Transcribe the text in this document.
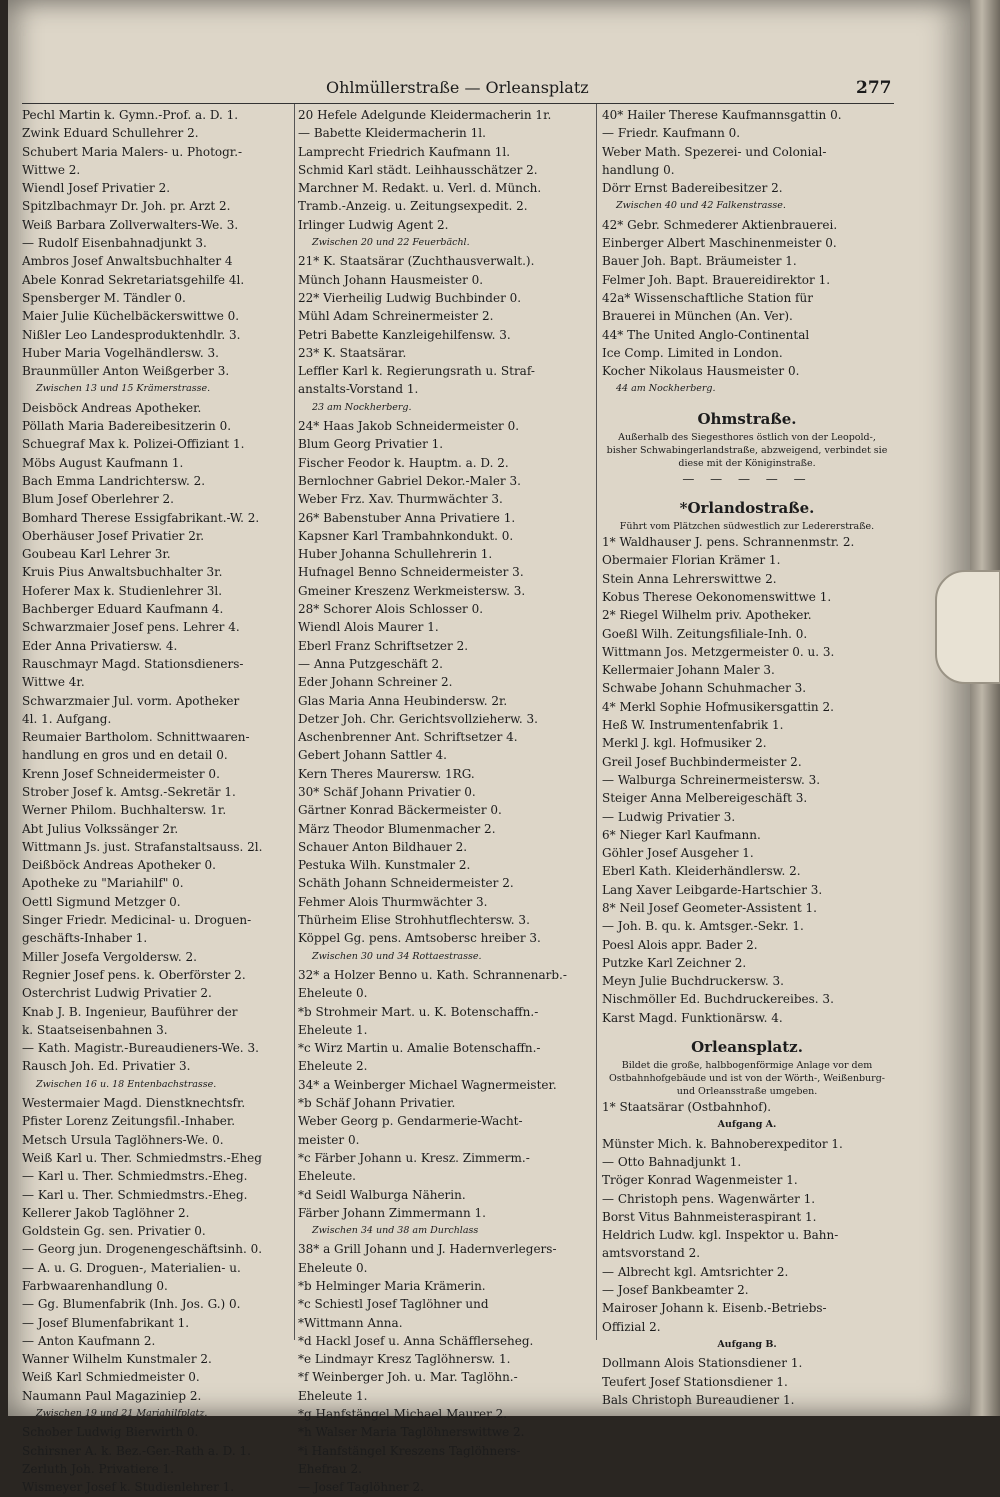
Ohlmüllerstraße — Orleansplatz	277
Pechl Martin k. Gymn.-Prof. a. D. 1.
Zwink Eduard Schullehrer 2.
Schubert Maria Malers- u. Photogr.-
Wittwe 2.
Wiendl Josef Privatier 2.
Spitzlbachmayr Dr. Joh. pr. Arzt 2.
Weiß Barbara Zollverwalters-We. 3.
— Rudolf Eisenbahnadjunkt 3.
Ambros Josef Anwaltsbuchhalter 4
Abele Konrad Sekretariatsgehilfe 4l.
Spensberger M. Tändler 0.
Maier Julie Küchelbäckerswittwe 0.
Nißler Leo Landesproduktenhdlr. 3.
Huber Maria Vogelhändlersw. 3.
Braunmüller Anton Weißgerber 3.
Zwischen 13 und 15 Krämerstrasse.
Deisböck Andreas Apotheker.
Pöllath Maria Badereibesitzerin 0.
Schuegraf Max k. Polizei-Offiziant 1.
Möbs August Kaufmann 1.
Bach Emma Landrichtersw. 2.
Blum Josef Oberlehrer 2.
Bomhard Therese Essigfabrikant.-W. 2.
Oberhäuser Josef Privatier 2r.
Goubeau Karl Lehrer 3r.
Kruis Pius Anwaltsbuchhalter 3r.
Hoferer Max k. Studienlehrer 3l.
Bachberger Eduard Kaufmann 4.
Schwarzmaier Josef pens. Lehrer 4.
Eder Anna Privatiersw. 4.
Rauschmayr Magd. Stationsdieners-
Wittwe 4r.
Schwarzmaier Jul. vorm. Apotheker
4l. 1. Aufgang.
Reumaier Bartholom. Schnittwaaren-
handlung en gros und en detail 0.
Krenn Josef Schneidermeister 0.
Strober Josef k. Amtsg.-Sekretär 1.
Werner Philom. Buchhaltersw. 1r.
Abt Julius Volkssänger 2r.
Wittmann Js. just. Strafanstaltsauss. 2l.
Deißböck Andreas Apotheker 0.
Apotheke zu "Mariahilf" 0.
Oettl Sigmund Metzger 0.
Singer Friedr. Medicinal- u. Droguen-
geschäfts-Inhaber 1.
Miller Josefa Vergoldersw. 2.
Regnier Josef pens. k. Oberförster 2.
Osterchrist Ludwig Privatier 2.
Knab J. B. Ingenieur, Bauführer der
k. Staatseisenbahnen 3.
— Kath. Magistr.-Bureaudieners-We. 3.
Rausch Joh. Ed. Privatier 3.
Zwischen 16 u. 18 Entenbachstrasse.
Westermaier Magd. Dienstknechtsfr.
Pfister Lorenz Zeitungsfil.-Inhaber.
Metsch Ursula Taglöhners-We. 0.
Weiß Karl u. Ther. Schmiedmstrs.-Eheg
— Karl u. Ther. Schmiedmstrs.-Eheg.
— Karl u. Ther. Schmiedmstrs.-Eheg.
Kellerer Jakob Taglöhner 2.
Goldstein Gg. sen. Privatier 0.
— Georg jun. Drogenengeschäftsinh. 0.
— A. u. G. Droguen-, Materialien- u.
Farbwaarenhandlung 0.
— Gg. Blumenfabrik (Inh. Jos. G.) 0.
— Josef Blumenfabrikant 1.
— Anton Kaufmann 2.
Wanner Wilhelm Kunstmaler 2.
Weiß Karl Schmiedmeister 0.
Naumann Paul Magaziniер 2.
Zwischen 19 und 21 Mariahilfplatz.
Schober Ludwig Bierwirth 0.
Schirsner A. k. Bez.-Ger.-Rath a. D. 1.
Zerluth Joh. Privatiere 1.
Wismeyer Josef k. Studienlehrer 1.
20 Hefele Adelgunde Kleidermacherin 1r.
— Babette Kleidermacherin 1l.
Lamprecht Friedrich Kaufmann 1l.
Schmid Karl städt. Leihhausschätzer 2.
Marchner M. Redakt. u. Verl. d. Münch.
Tramb.-Anzeig. u. Zeitungsexpedit. 2.
Irlinger Ludwig Agent 2.
Zwischen 20 und 22 Feuerbächl.
21* K. Staatsärar (Zuchthausverwalt.).
Münch Johann Hausmeister 0.
22* Vierheilig Ludwig Buchbinder 0.
Mühl Adam Schreinermeister 2.
Petri Babette Kanzleigehilfensw. 3.
23* K. Staatsärar.
Leffler Karl k. Regierungsrath u. Straf-
anstalts-Vorstand 1.
23 am Nockherberg.
24* Haas Jakob Schneidermeister 0.
Blum Georg Privatier 1.
Fischer Feodor k. Hauptm. a. D. 2.
Bernlochner Gabriel Dekor.-Maler 3.
Weber Frz. Xav. Thurmwächter 3.
26* Babenstuber Anna Privatiere 1.
Kapsner Karl Trambahnkondukt. 0.
Huber Johanna Schullehrerin 1.
Hufnagel Benno Schneidermeister 3.
Gmeiner Kreszenz Werkmeistersw. 3.
28* Schorer Alois Schlosser 0.
Wiendl Alois Maurer 1.
Eberl Franz Schriftsetzer 2.
— Anna Putzgeschäft 2.
Eder Johann Schreiner 2.
Glas Maria Anna Heubindersw. 2r.
Detzer Joh. Chr. Gerichtsvollzieherw. 3.
Aschenbrenner Ant. Schriftsetzer 4.
Gebert Johann Sattler 4.
Kern Theres Maurersw. 1RG.
30* Schäf Johann Privatier 0.
Gärtner Konrad Bäckermeister 0.
März Theodor Blumenmacher 2.
Schauer Anton Bildhauer 2.
Pestuka Wilh. Kunstmaler 2.
Schäth Johann Schneidermeister 2.
Fehmer Alois Thurmwächter 3.
Thürheim Elise Strohhutflechtersw. 3.
Köppel Gg. pens. Amtsobersc hreiber 3.
Zwischen 30 und 34 Rottaestrasse.
32* a Holzer Benno u. Kath. Schrannenarb.-
Eheleute 0.
*b Strohmeir Mart. u. K. Botenschaffn.-
Eheleute 1.
*c Wirz Martin u. Amalie Botenschaffn.-
Eheleute 2.
34* a Weinberger Michael Wagnermeister.
*b Schäf Johann Privatier.
Weber Georg p. Gendarmerie-Wacht-
meister 0.
*c Färber Johann u. Kresz. Zimmerm.-
Eheleute.
*d Seidl Walburga Näherin.
Färber Johann Zimmermann 1.
Zwischen 34 und 38 am Durchlass
38* a Grill Johann und J. Hadernverlegers-
Eheleute 0.
*b Helminger Maria Krämerin.
*c Schiestl Josef Taglöhner und
*Wittmann Anna.
*d Hackl Josef u. Anna Schäfflerseheg.
*e Lindmayr Kresz Taglöhnersw. 1.
*f Weinberger Joh. u. Mar. Taglöhn.-
Eheleute 1.
*g Hanfstängel Michael Maurer 2.
*h Walser Maria Taglöhnerswittwe 2.
*i Hanfstängel Kreszens Taglöhners-
Ehefrau 2.
— Josef Taglöhner 2.
40* Hailer Therese Kaufmannsgattin 0.
— Friedr. Kaufmann 0.
Weber Math. Spezerei- und Colonial-
handlung 0.
Dörr Ernst Badereibesitzer 2.
Zwischen 40 und 42 Falkenstrasse.
42* Gebr. Schmederer Aktienbrauerei.
Einberger Albert Maschinenmeister 0.
Bauer Joh. Bapt. Bräumeister 1.
Felmer Joh. Bapt. Brauereidirektor 1.
42a* Wissenschaftliche Station für
Brauerei in München (An. Ver).
44* The United Anglo-Continental
Ice Comp. Limited in London.
Kocher Nikolaus Hausmeister 0.
44 am Nockherberg.
Ohmstraße.
Außerhalb des Siegesthores östlich von der Leopold-, bisher Schwabingerlandstraße, abzweigend, verbindet sie diese mit der Königinstraße.
— — — — —
*Orlandostraße.
Führt vom Plätzchen südwestlich zur Ledererstraße.
1* Waldhauser J. pens. Schrannenmstr. 2.
Obermaier Florian Krämer 1.
Stein Anna Lehrerswittwe 2.
Kobus Therese Oekonomenswittwe 1.
2* Riegel Wilhelm priv. Apotheker.
Goeßl Wilh. Zeitungsfiliale-Inh. 0.
Wittmann Jos. Metzgermeister 0. u. 3.
Kellermaier Johann Maler 3.
Schwabe Johann Schuhmacher 3.
4* Merkl Sophie Hofmusikersgattin 2.
Heß W. Instrumentenfabrik 1.
Merkl J. kgl. Hofmusiker 2.
Greil Josef Buchbindermeister 2.
— Walburga Schreinermeistersw. 3.
Steiger Anna Melbereigeschäft 3.
— Ludwig Privatier 3.
6* Nieger Karl Kaufmann.
Göhler Josef Ausgeher 1.
Eberl Kath. Kleiderhändlersw. 2.
Lang Xaver Leibgarde-Hartschier 3.
8* Neil Josef Geometer-Assistent 1.
— Joh. B. qu. k. Amtsger.-Sekr. 1.
Poesl Alois appr. Bader 2.
Putzke Karl Zeichner 2.
Meyn Julie Buchdruckersw. 3.
Nischmöller Ed. Buchdruckereibes. 3.
Karst Magd. Funktionärsw. 4.
Orleansplatz.
Bildet die große, halbbogenförmige Anlage vor dem Ostbahnhofgebäude und ist von der Wörth-, Weißenburg- und Orleansstraße umgeben.
1* Staatsärar (Ostbahnhof).
Aufgang A.
Münster Mich. k. Bahnoberexpeditor 1.
— Otto Bahnadjunkt 1.
Tröger Konrad Wagenmeister 1.
— Christoph pens. Wagenwärter 1.
Borst Vitus Bahnmeisteraspirant 1.
Heldrich Ludw. kgl. Inspektor u. Bahn-
amtsvorstand 2.
— Albrecht kgl. Amtsrichter 2.
— Josef Bankbeamter 2.
Mairoser Johann k. Eisenb.-Betriebs-
Offizial 2.
Aufgang B.
Dollmann Alois Stationsdiener 1.
Teufert Josef Stationsdiener 1.
Bals Christoph Bureaudiener 1.
